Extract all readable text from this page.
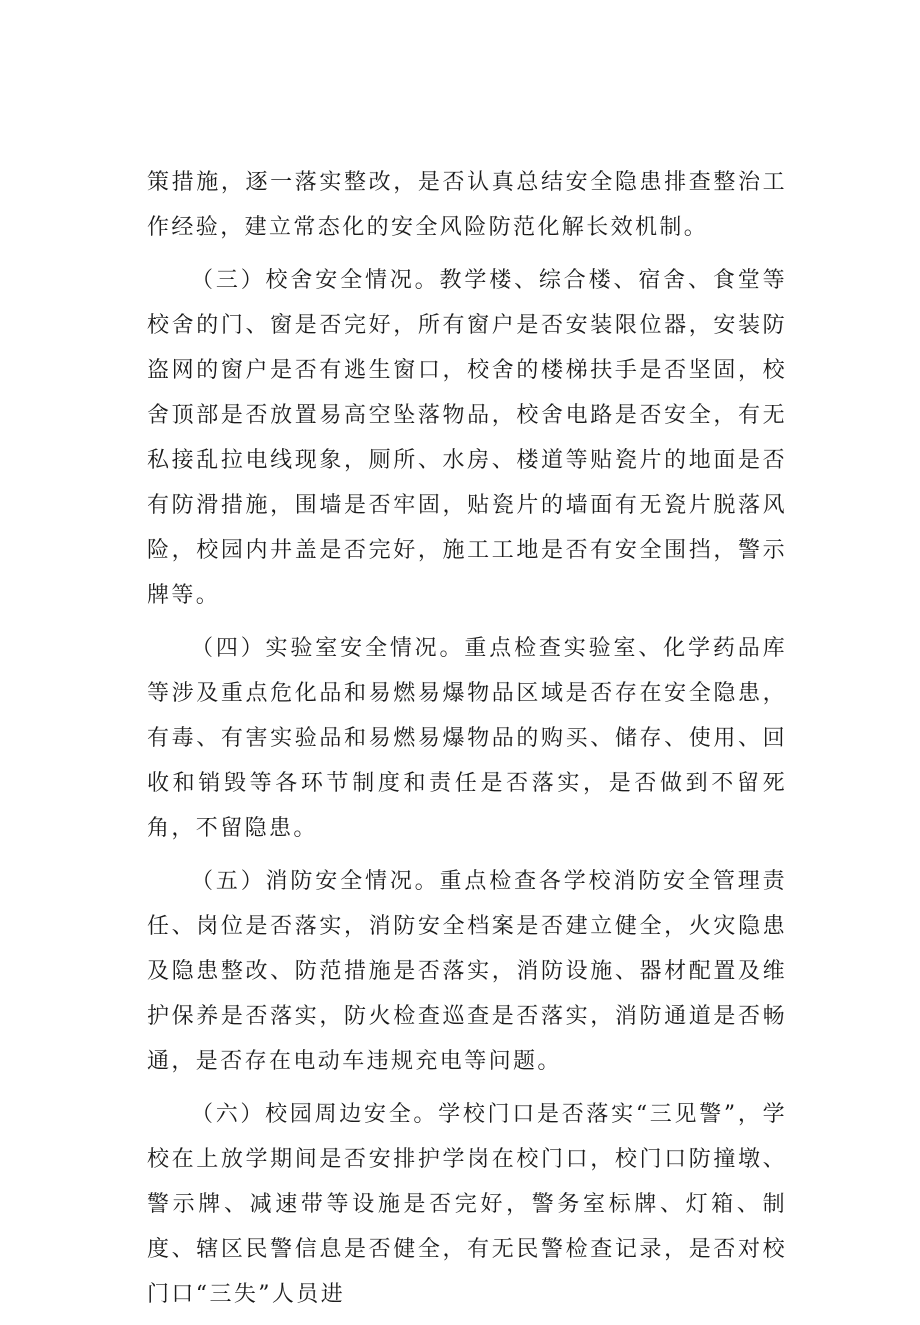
策措施，逐一落实整改，是否认真总结安全隐患排查整治工作经验，建立常态化的安全风险防范化解长效机制。

（三）校舍安全情况。教学楼、综合楼、宿舍、食堂等校舍的门、窗是否完好，所有窗户是否安装限位器，安装防盗网的窗户是否有逃生窗口，校舍的楼梯扶手是否坚固，校舍顶部是否放置易高空坠落物品，校舍电路是否安全，有无私接乱拉电线现象，厕所、水房、楼道等贴瓷片的地面是否有防滑措施，围墙是否牢固，贴瓷片的墙面有无瓷片脱落风险，校园内井盖是否完好，施工工地是否有安全围挡，警示牌等。

（四）实验室安全情况。重点检查实验室、化学药品库等涉及重点危化品和易燃易爆物品区域是否存在安全隐患，有毒、有害实验品和易燃易爆物品的购买、储存、使用、回收和销毁等各环节制度和责任是否落实，是否做到不留死角，不留隐患。

（五）消防安全情况。重点检查各学校消防安全管理责任、岗位是否落实，消防安全档案是否建立健全，火灾隐患及隐患整改、防范措施是否落实，消防设施、器材配置及维护保养是否落实，防火检查巡查是否落实，消防通道是否畅通，是否存在电动车违规充电等问题。

（六）校园周边安全。学校门口是否落实“三见警”，学校在上放学期间是否安排护学岗在校门口，校门口防撞墩、警示牌、减速带等设施是否完好，警务室标牌、灯箱、制度、辖区民警信息是否健全，有无民警检查记录，是否对校门口“三失”人员进
